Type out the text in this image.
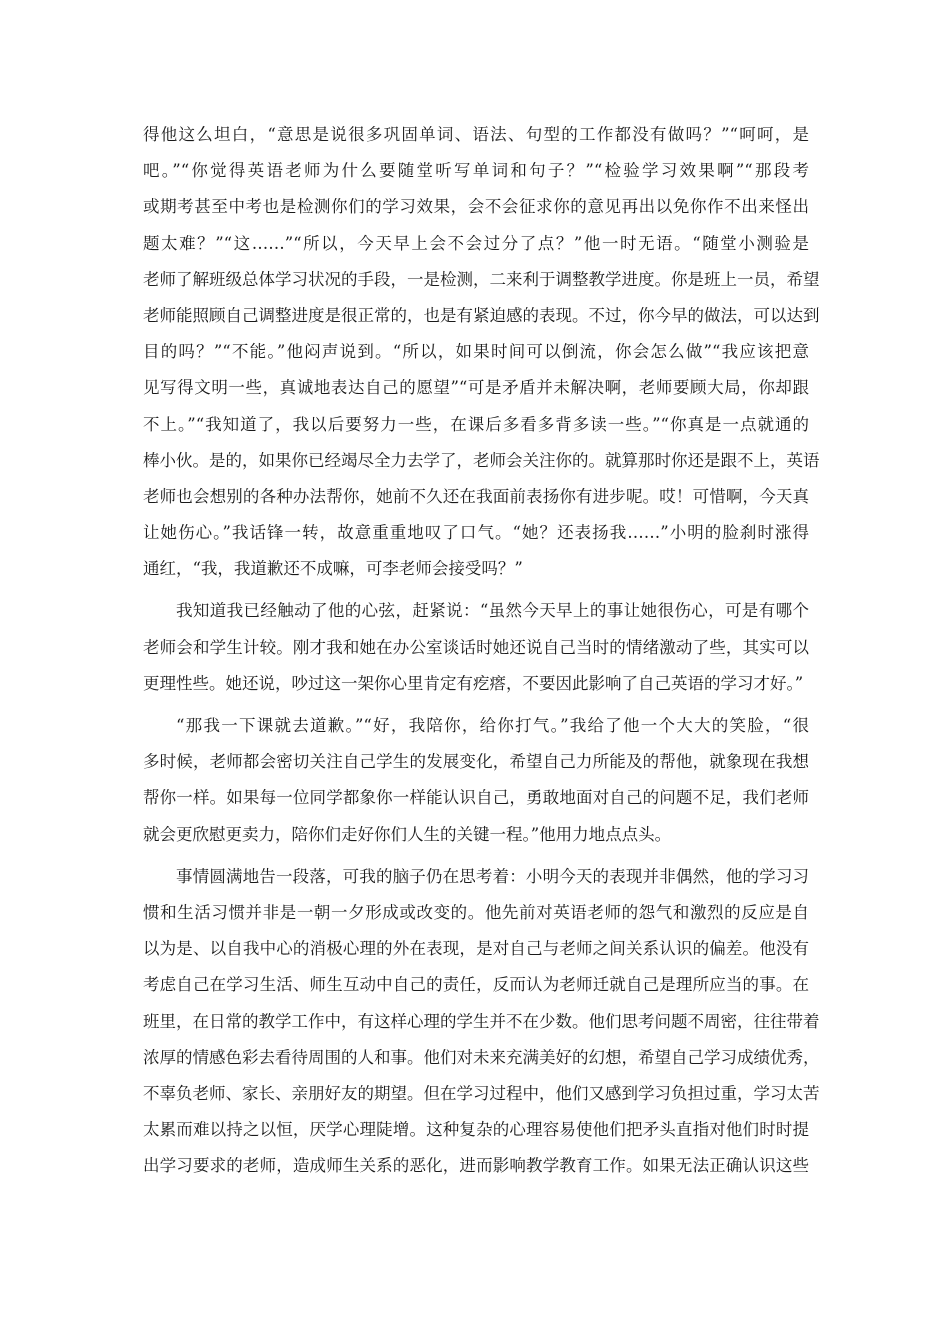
得他这么坦白，“意思是说很多巩固单词、语法、句型的工作都没有做吗？”“呵呵，是
吧。”“你觉得英语老师为什么要随堂听写单词和句子？”“检验学习效果啊”“那段考
或期考甚至中考也是检测你们的学习效果，会不会征求你的意见再出以免你作不出来怪出
题太难？”“这……”“所以，今天早上会不会过分了点？”他一时无语。“随堂小测验是
老师了解班级总体学习状况的手段，一是检测，二来利于调整教学进度。你是班上一员，希望
老师能照顾自己调整进度是很正常的，也是有紧迫感的表现。不过，你今早的做法，可以达到
目的吗？”“不能。”他闷声说到。“所以，如果时间可以倒流，你会怎么做”“我应该把意
见写得文明一些，真诚地表达自己的愿望”“可是矛盾并未解决啊，老师要顾大局，你却跟
不上。”“我知道了，我以后要努力一些，在课后多看多背多读一些。”“你真是一点就通的
棒小伙。是的，如果你已经竭尽全力去学了，老师会关注你的。就算那时你还是跟不上，英语
老师也会想别的各种办法帮你，她前不久还在我面前表扬你有进步呢。哎！可惜啊，今天真
让她伤心。”我话锋一转，故意重重地叹了口气。“她？还表扬我……”小明的脸刹时涨得
通红，“我，我道歉还不成嘛，可李老师会接受吗？”
我知道我已经触动了他的心弦，赶紧说：“虽然今天早上的事让她很伤心，可是有哪个
老师会和学生计较。刚才我和她在办公室谈话时她还说自己当时的情绪激动了些，其实可以
更理性些。她还说，吵过这一架你心里肯定有疙瘩，不要因此影响了自己英语的学习才好。”
“那我一下课就去道歉。”“好，我陪你，给你打气。”我给了他一个大大的笑脸，“很
多时候，老师都会密切关注自己学生的发展变化，希望自己力所能及的帮他，就象现在我想
帮你一样。如果每一位同学都象你一样能认识自己，勇敢地面对自己的问题不足，我们老师
就会更欣慰更卖力，陪你们走好你们人生的关键一程。”他用力地点点头。
事情圆满地告一段落，可我的脑子仍在思考着：小明今天的表现并非偶然，他的学习习
惯和生活习惯并非是一朝一夕形成或改变的。他先前对英语老师的怨气和激烈的反应是自
以为是、以自我中心的消极心理的外在表现，是对自己与老师之间关系认识的偏差。他没有
考虑自己在学习生活、师生互动中自己的责任，反而认为老师迁就自己是理所应当的事。在
班里，在日常的教学工作中，有这样心理的学生并不在少数。他们思考问题不周密，往往带着
浓厚的情感色彩去看待周围的人和事。他们对未来充满美好的幻想，希望自己学习成绩优秀，
不辜负老师、家长、亲朋好友的期望。但在学习过程中，他们又感到学习负担过重，学习太苦
太累而难以持之以恒，厌学心理陡增。这种复杂的心理容易使他们把矛头直指对他们时时提
出学习要求的老师，造成师生关系的恶化，进而影响教学教育工作。如果无法正确认识这些
